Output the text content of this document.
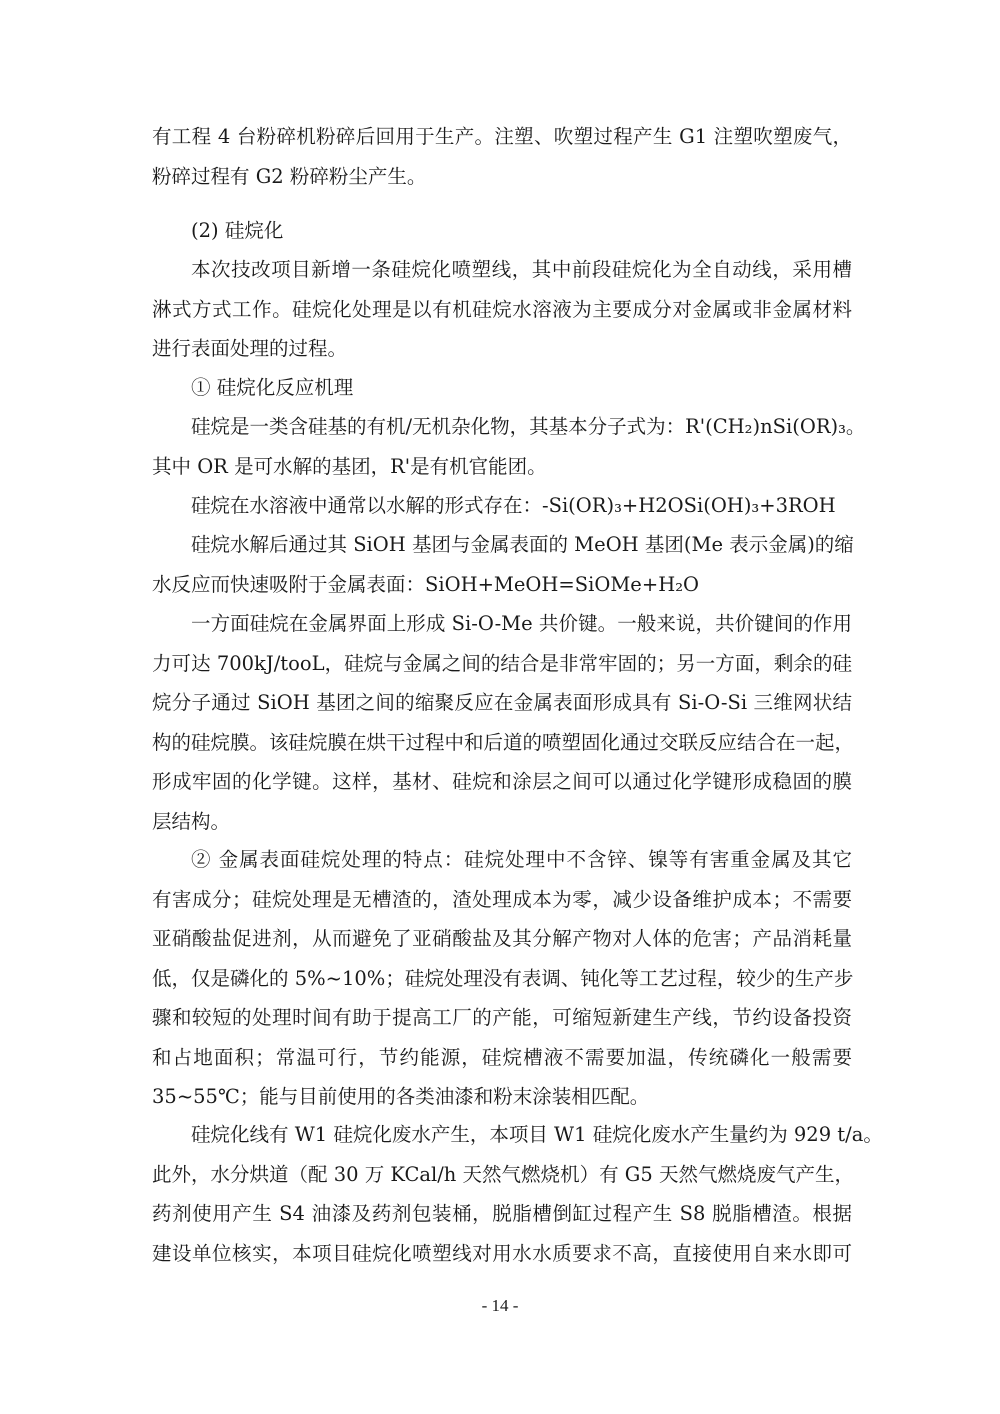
有工程 4 台粉碎机粉碎后回用于生产。注塑、吹塑过程产生 G1 注塑吹塑废气，
粉碎过程有 G2 粉碎粉尘产生。

(2) 硅烷化

本次技改项目新增一条硅烷化喷塑线，其中前段硅烷化为全自动线，采用槽
淋式方式工作。硅烷化处理是以有机硅烷水溶液为主要成分对金属或非金属材料
进行表面处理的过程。

① 硅烷化反应机理

硅烷是一类含硅基的有机/无机杂化物，其基本分子式为：R'(CH₂)nSi(OR)₃。
其中 OR 是可水解的基团，R'是有机官能团。

硅烷在水溶液中通常以水解的形式存在：-Si(OR)₃+H2OSi(OH)₃+3ROH

硅烷水解后通过其 SiOH 基团与金属表面的 MeOH 基团(Me 表示金属)的缩
水反应而快速吸附于金属表面：SiOH+MeOH=SiOMe+H₂O

一方面硅烷在金属界面上形成 Si-O-Me 共价键。一般来说，共价键间的作用
力可达 700kJ/tooL，硅烷与金属之间的结合是非常牢固的；另一方面，剩余的硅
烷分子通过 SiOH 基团之间的缩聚反应在金属表面形成具有 Si-O-Si 三维网状结
构的硅烷膜。该硅烷膜在烘干过程中和后道的喷塑固化通过交联反应结合在一起，
形成牢固的化学键。这样，基材、硅烷和涂层之间可以通过化学键形成稳固的膜
层结构。

② 金属表面硅烷处理的特点：硅烷处理中不含锌、镍等有害重金属及其它
有害成分；硅烷处理是无槽渣的，渣处理成本为零，减少设备维护成本；不需要
亚硝酸盐促进剂，从而避免了亚硝酸盐及其分解产物对人体的危害；产品消耗量
低，仅是磷化的 5%~10%；硅烷处理没有表调、钝化等工艺过程，较少的生产步
骤和较短的处理时间有助于提高工厂的产能，可缩短新建生产线，节约设备投资
和占地面积；常温可行，节约能源，硅烷槽液不需要加温，传统磷化一般需要
35~55℃；能与目前使用的各类油漆和粉末涂装相匹配。

硅烷化线有 W1 硅烷化废水产生，本项目 W1 硅烷化废水产生量约为 929 t/a。
此外，水分烘道（配 30 万 KCal/h 天然气燃烧机）有 G5 天然气燃烧废气产生，
药剂使用产生 S4 油漆及药剂包装桶，脱脂槽倒缸过程产生 S8 脱脂槽渣。根据
建设单位核实，本项目硅烷化喷塑线对用水水质要求不高，直接使用自来水即可

- 14 -
